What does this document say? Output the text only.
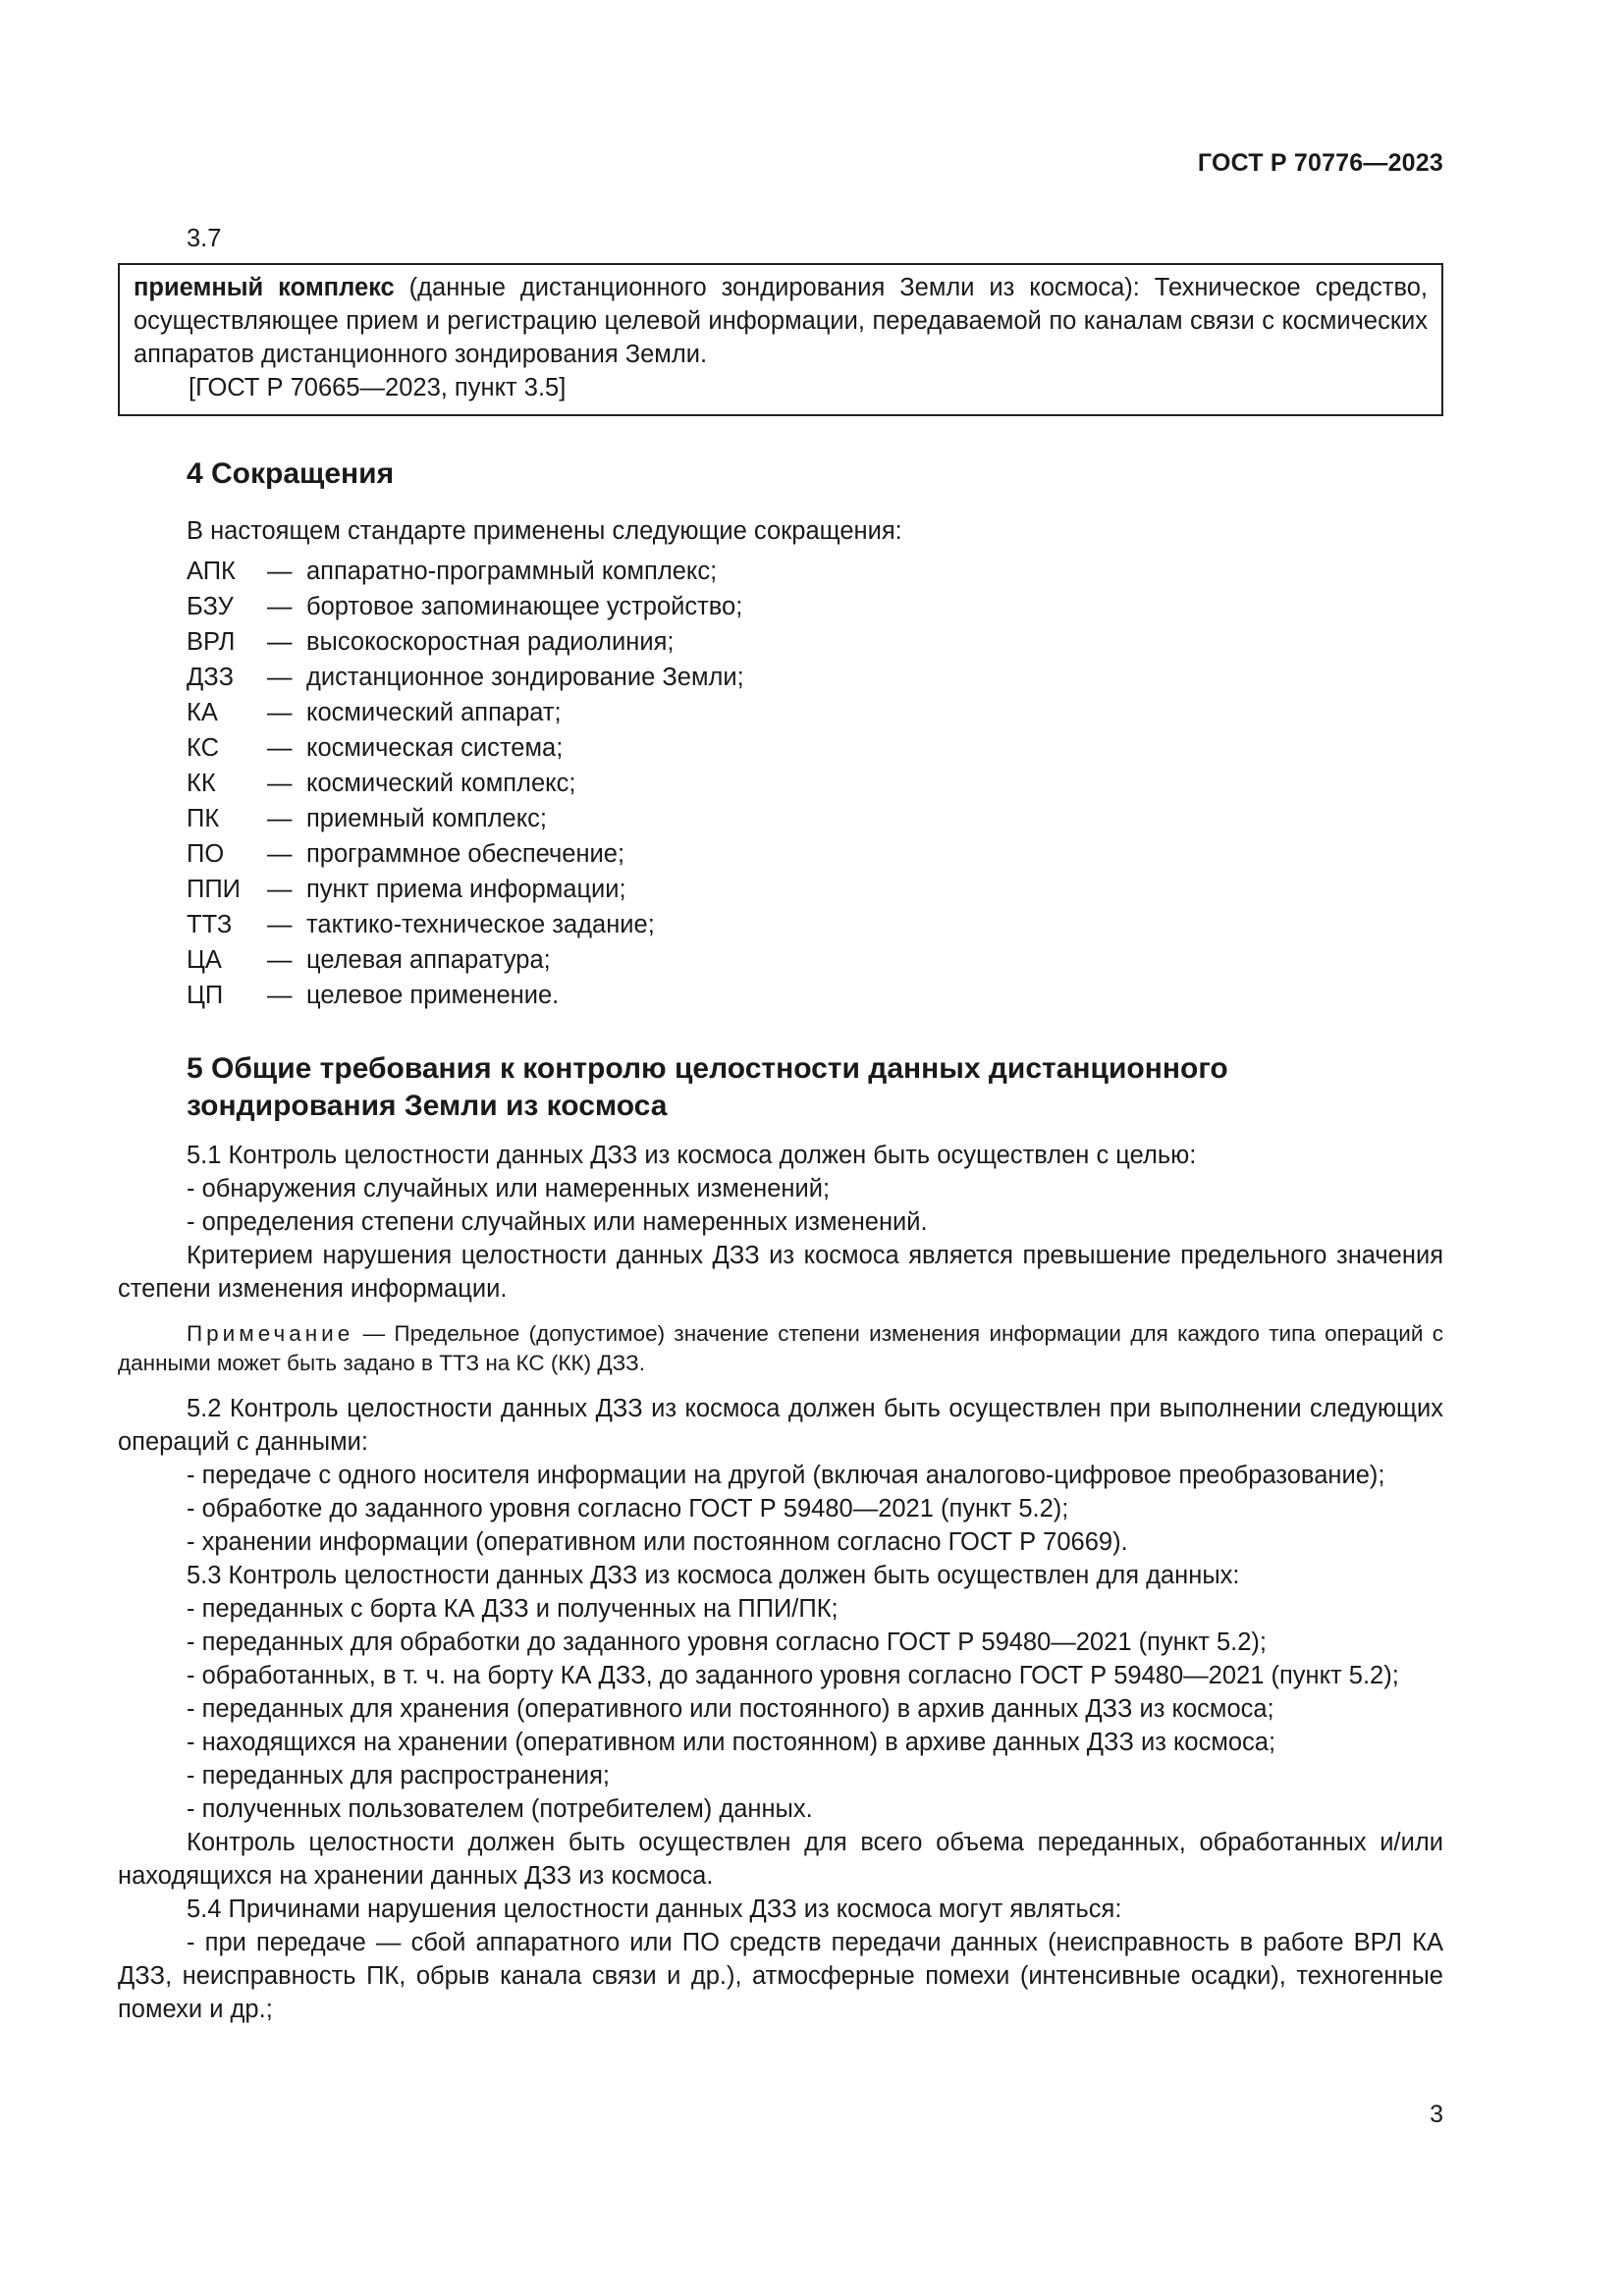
ГОСТ Р 70776—2023

3.7

приемный комплекс (данные дистанционного зондирования Земли из космоса): Техническое средство, осуществляющее прием и регистрацию целевой информации, передаваемой по каналам связи с космических аппаратов дистанционного зондирования Земли.

[ГОСТ Р 70665—2023, пункт 3.5]

4 Сокращения

В настоящем стандарте применены следующие сокращения:

АПК	— аппаратно-программный комплекс;
БЗУ	— бортовое запоминающее устройство;
ВРЛ	— высокоскоростная радиолиния;
ДЗЗ	— дистанционное зондирование Земли;
КА	— космический аппарат;
КС	— космическая система;
КК	— космический комплекс;
ПК	— приемный комплекс;
ПО	— программное обеспечение;
ППИ	— пункт приема информации;
ТТЗ	— тактико-техническое задание;
ЦА	— целевая аппаратура;
ЦП	— целевое применение.
5 Общие требования к контролю целостности данных дистанционного
зондирования Земли из космоса

5.1 Контроль целостности данных ДЗЗ из космоса должен быть осуществлен с целью:

- обнаружения случайных или намеренных изменений;

- определения степени случайных или намеренных изменений.

Критерием нарушения целостности данных ДЗЗ из космоса является превышение предельного значения степени изменения информации.

Примечание — Предельное (допустимое) значение степени изменения информации для каждого типа операций с данными может быть задано в ТТЗ на КС (КК) ДЗЗ.

5.2 Контроль целостности данных ДЗЗ из космоса должен быть осуществлен при выполнении следующих операций с данными:

- передаче с одного носителя информации на другой (включая аналогово-цифровое преобразование);

- обработке до заданного уровня согласно ГОСТ Р 59480—2021 (пункт 5.2);

- хранении информации (оперативном или постоянном согласно ГОСТ Р 70669).

5.3 Контроль целостности данных ДЗЗ из космоса должен быть осуществлен для данных:

- переданных с борта КА ДЗЗ и полученных на ППИ/ПК;

- переданных для обработки до заданного уровня согласно ГОСТ Р 59480—2021 (пункт 5.2);

- обработанных, в т. ч. на борту КА ДЗЗ, до заданного уровня согласно ГОСТ Р 59480—2021 (пункт 5.2);

- переданных для хранения (оперативного или постоянного) в архив данных ДЗЗ из космоса;

- находящихся на хранении (оперативном или постоянном) в архиве данных ДЗЗ из космоса;

- переданных для распространения;

- полученных пользователем (потребителем) данных.

Контроль целостности должен быть осуществлен для всего объема переданных, обработанных и/или находящихся на хранении данных ДЗЗ из космоса.

5.4 Причинами нарушения целостности данных ДЗЗ из космоса могут являться:

- при передаче — сбой аппаратного или ПО средств передачи данных (неисправность в работе ВРЛ КА ДЗЗ, неисправность ПК, обрыв канала связи и др.), атмосферные помехи (интенсивные осадки), техногенные помехи и др.;

3
